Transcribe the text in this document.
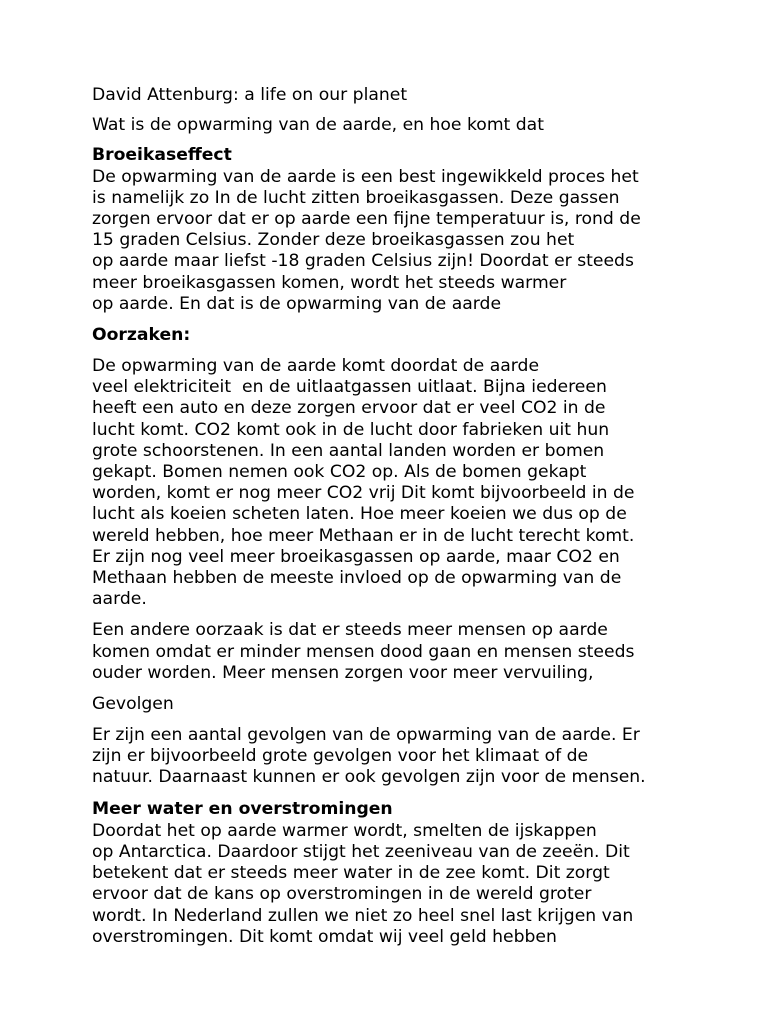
David Attenburg: a life on our planet
Wat is de opwarming van de aarde, en hoe komt dat
Broeikaseffect
De opwarming van de aarde is een best ingewikkeld proces het
is namelijk zo In de lucht zitten broeikasgassen. Deze gassen
zorgen ervoor dat er op aarde een fijne temperatuur is, rond de
15 graden Celsius. Zonder deze broeikasgassen zou het
op aarde maar liefst -18 graden Celsius zijn! Doordat er steeds
meer broeikasgassen komen, wordt het steeds warmer
op aarde. En dat is de opwarming van de aarde
Oorzaken:
De opwarming van de aarde komt doordat de aarde
veel elektriciteit  en de uitlaatgassen uitlaat. Bijna iedereen
heeft een auto en deze zorgen ervoor dat er veel CO2 in de
lucht komt. CO2 komt ook in de lucht door fabrieken uit hun
grote schoorstenen. In een aantal landen worden er bomen
gekapt. Bomen nemen ook CO2 op. Als de bomen gekapt
worden, komt er nog meer CO2 vrij Dit komt bijvoorbeeld in de
lucht als koeien scheten laten. Hoe meer koeien we dus op de
wereld hebben, hoe meer Methaan er in de lucht terecht komt.
Er zijn nog veel meer broeikasgassen op aarde, maar CO2 en
Methaan hebben de meeste invloed op de opwarming van de
aarde.
Een andere oorzaak is dat er steeds meer mensen op aarde
komen omdat er minder mensen dood gaan en mensen steeds
ouder worden. Meer mensen zorgen voor meer vervuiling,
Gevolgen
Er zijn een aantal gevolgen van de opwarming van de aarde. Er
zijn er bijvoorbeeld grote gevolgen voor het klimaat of de
natuur. Daarnaast kunnen er ook gevolgen zijn voor de mensen.
Meer water en overstromingen
Doordat het op aarde warmer wordt, smelten de ijskappen
op Antarctica. Daardoor stijgt het zeeniveau van de zeeën. Dit
betekent dat er steeds meer water in de zee komt. Dit zorgt
ervoor dat de kans op overstromingen in de wereld groter
wordt. In Nederland zullen we niet zo heel snel last krijgen van
overstromingen. Dit komt omdat wij veel geld hebben
